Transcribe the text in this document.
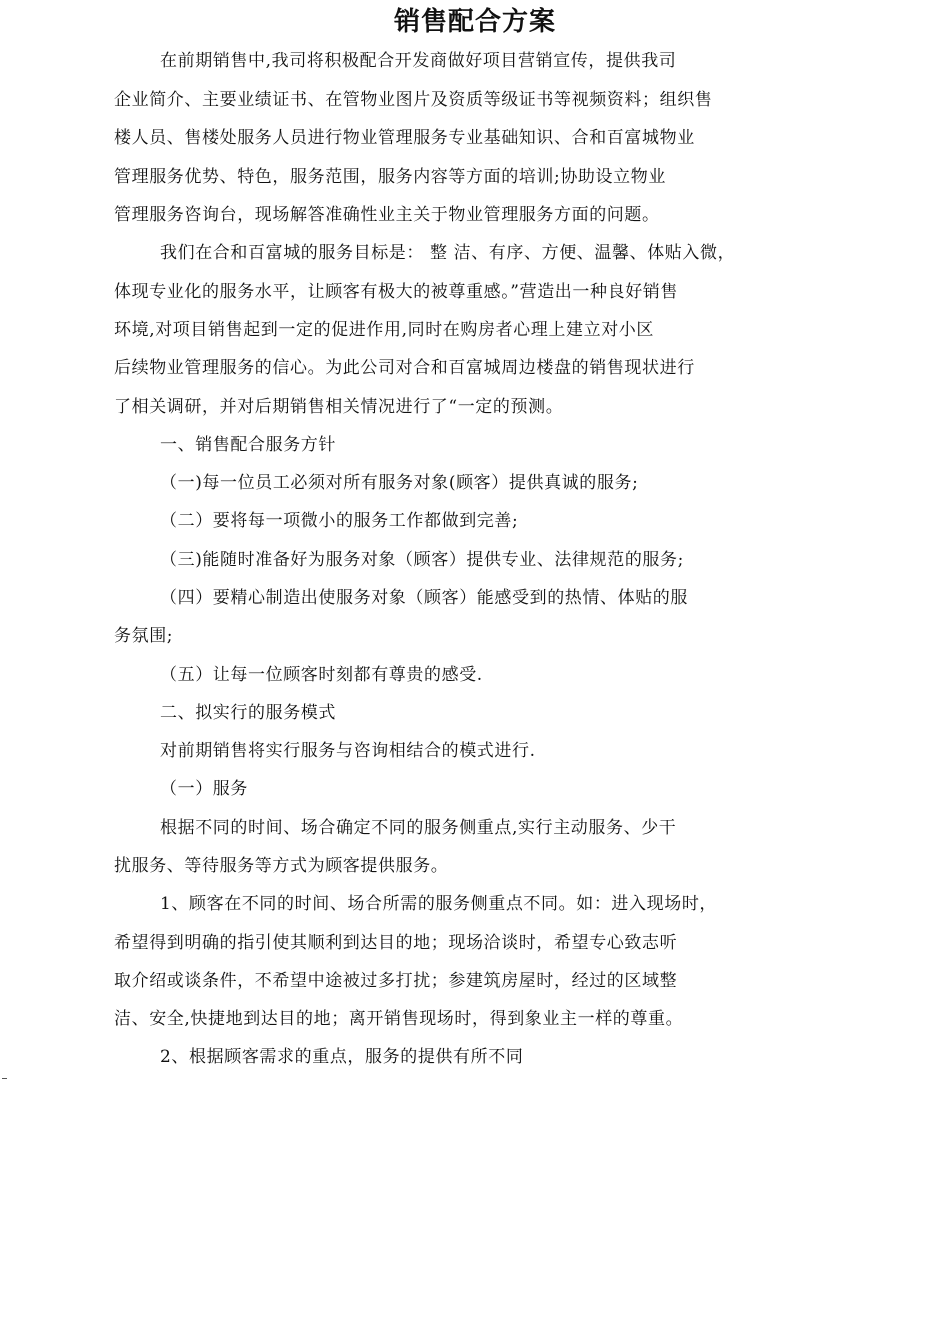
销售配合方案

在前期销售中,我司将积极配合开发商做好项目营销宣传，提供我司

企业简介、主要业绩证书、在管物业图片及资质等级证书等视频资料；组织售

楼人员、售楼处服务人员进行物业管理服务专业基础知识、合和百富城物业

管理服务优势、特色，服务范围，服务内容等方面的培训;协助设立物业

管理服务咨询台，现场解答准确性业主关于物业管理服务方面的问题。

我们在合和百富城的服务目标是： 整 洁、有序、方便、温馨、体贴入微，

体现专业化的服务水平，让顾客有极大的被尊重感。”营造出一种良好销售

环境,对项目销售起到一定的促进作用,同时在购房者心理上建立对小区

后续物业管理服务的信心。为此公司对合和百富城周边楼盘的销售现状进行

了相关调研，并对后期销售相关情况进行了“一定的预测。

一、销售配合服务方针

（一)每一位员工必须对所有服务对象(顾客）提供真诚的服务;

（二）要将每一项微小的服务工作都做到完善;

（三)能随时准备好为服务对象（顾客）提供专业、法律规范的服务;

（四）要精心制造出使服务对象（顾客）能感受到的热情、体贴的服

务氛围;

（五）让每一位顾客时刻都有尊贵的感受.

二、拟实行的服务模式

对前期销售将实行服务与咨询相结合的模式进行.

（一）服务

根据不同的时间、场合确定不同的服务侧重点,实行主动服务、少干

扰服务、等待服务等方式为顾客提供服务。

1、顾客在不同的时间、场合所需的服务侧重点不同。如：进入现场时，

希望得到明确的指引使其顺利到达目的地；现场洽谈时，希望专心致志听

取介绍或谈条件，不希望中途被过多打扰；参建筑房屋时，经过的区域整

洁、安全,快捷地到达目的地；离开销售现场时，得到象业主一样的尊重。

2、根据顾客需求的重点，服务的提供有所不同
